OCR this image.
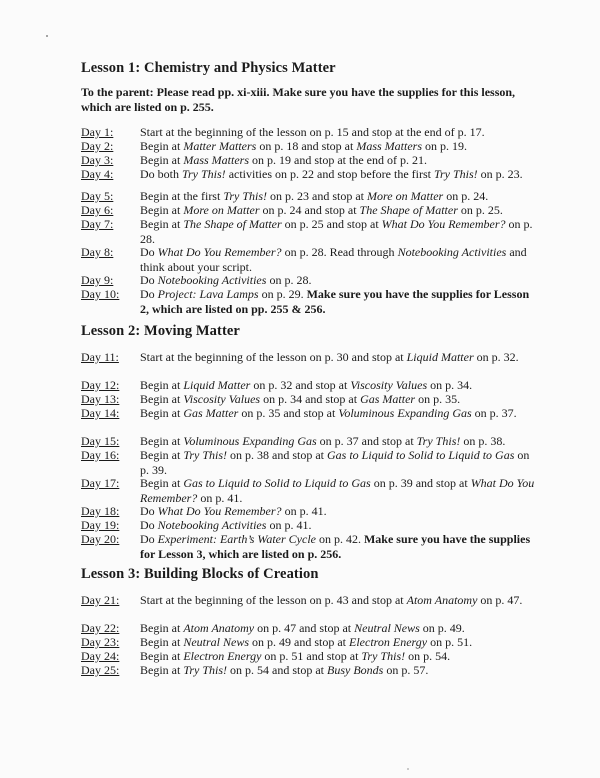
Lesson 1: Chemistry and Physics Matter
To the parent: Please read pp. xi-xiii. Make sure you have the supplies for this lesson, which are listed on p. 255.
Day 1: Start at the beginning of the lesson on p. 15 and stop at the end of p. 17.
Day 2: Begin at Matter Matters on p. 18 and stop at Mass Matters on p. 19.
Day 3: Begin at Mass Matters on p. 19 and stop at the end of p. 21.
Day 4: Do both Try This! activities on p. 22 and stop before the first Try This! on p. 23.
Day 5: Begin at the first Try This! on p. 23 and stop at More on Matter on p. 24.
Day 6: Begin at More on Matter on p. 24 and stop at The Shape of Matter on p. 25.
Day 7: Begin at The Shape of Matter on p. 25 and stop at What Do You Remember? on p. 28.
Day 8: Do What Do You Remember? on p. 28. Read through Notebooking Activities and think about your script.
Day 9: Do Notebooking Activities on p. 28.
Day 10: Do Project: Lava Lamps on p. 29. Make sure you have the supplies for Lesson 2, which are listed on pp. 255 & 256.
Lesson 2: Moving Matter
Day 11: Start at the beginning of the lesson on p. 30 and stop at Liquid Matter on p. 32.
Day 12: Begin at Liquid Matter on p. 32 and stop at Viscosity Values on p. 34.
Day 13: Begin at Viscosity Values on p. 34 and stop at Gas Matter on p. 35.
Day 14: Begin at Gas Matter on p. 35 and stop at Voluminous Expanding Gas on p. 37.
Day 15: Begin at Voluminous Expanding Gas on p. 37 and stop at Try This! on p. 38.
Day 16: Begin at Try This! on p. 38 and stop at Gas to Liquid to Solid to Liquid to Gas on p. 39.
Day 17: Begin at Gas to Liquid to Solid to Liquid to Gas on p. 39 and stop at What Do You Remember? on p. 41.
Day 18: Do What Do You Remember? on p. 41.
Day 19: Do Notebooking Activities on p. 41.
Day 20: Do Experiment: Earth’s Water Cycle on p. 42. Make sure you have the supplies for Lesson 3, which are listed on p. 256.
Lesson 3: Building Blocks of Creation
Day 21: Start at the beginning of the lesson on p. 43 and stop at Atom Anatomy on p. 47.
Day 22: Begin at Atom Anatomy on p. 47 and stop at Neutral News on p. 49.
Day 23: Begin at Neutral News on p. 49 and stop at Electron Energy on p. 51.
Day 24: Begin at Electron Energy on p. 51 and stop at Try This! on p. 54.
Day 25: Begin at Try This! on p. 54 and stop at Busy Bonds on p. 57.
